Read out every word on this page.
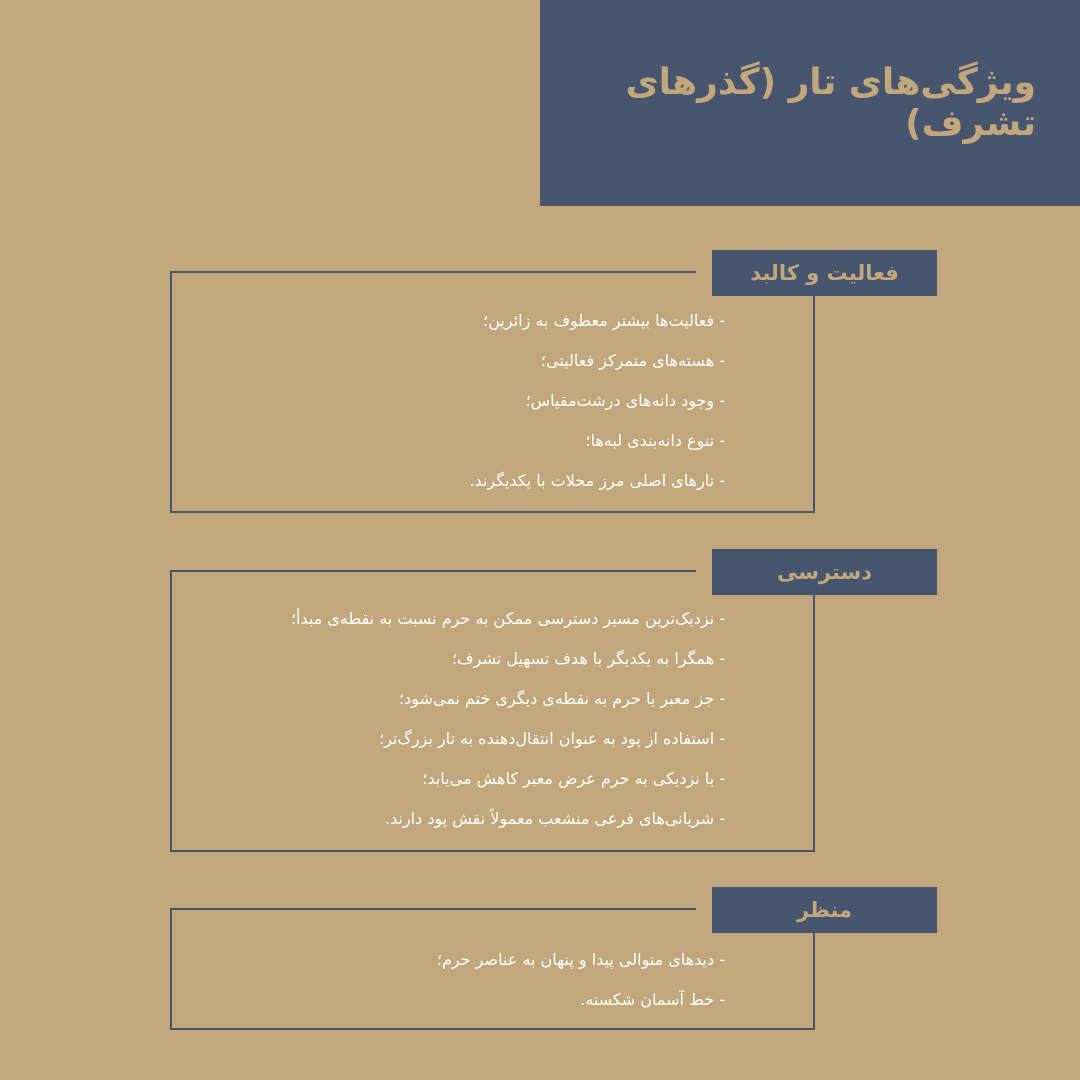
ویژگی‌های تار (گذرهای تشرف)
فعالیت و کالبد
- فعالیت‌ها بیشتر معطوف به زائرین؛
- هسته‌های متمرکز فعالیتی؛
- وجود دانه‌های درشت‌مقیاس؛
- تنوع دانه‌بندی لبه‌ها؛
- تارهای اصلی مرز محلات با یکدیگرند.
دسترسی
- نزدیک‌ترین مسیر دسترسی ممکن به حرم نسبت به نقطه‌ی مبدأ؛
- همگرا به یکدیگر با هدف تسهیل تشرف؛
- جز معبر یا حرم به نقطه‌ی دیگری ختم نمی‌شود؛
- استفاده از پود به عنوان انتقال‌دهنده به تار بزرگ‌تر؛
- با نزدیکی به حرم عرض معبر کاهش می‌یابد؛
- شریانی‌های فرعی منشعب معمولاً نقش پود دارند.
منظر
- دیدهای متوالی پیدا و پنهان به عناصر حرم؛
- خط آسمان شکسته.
